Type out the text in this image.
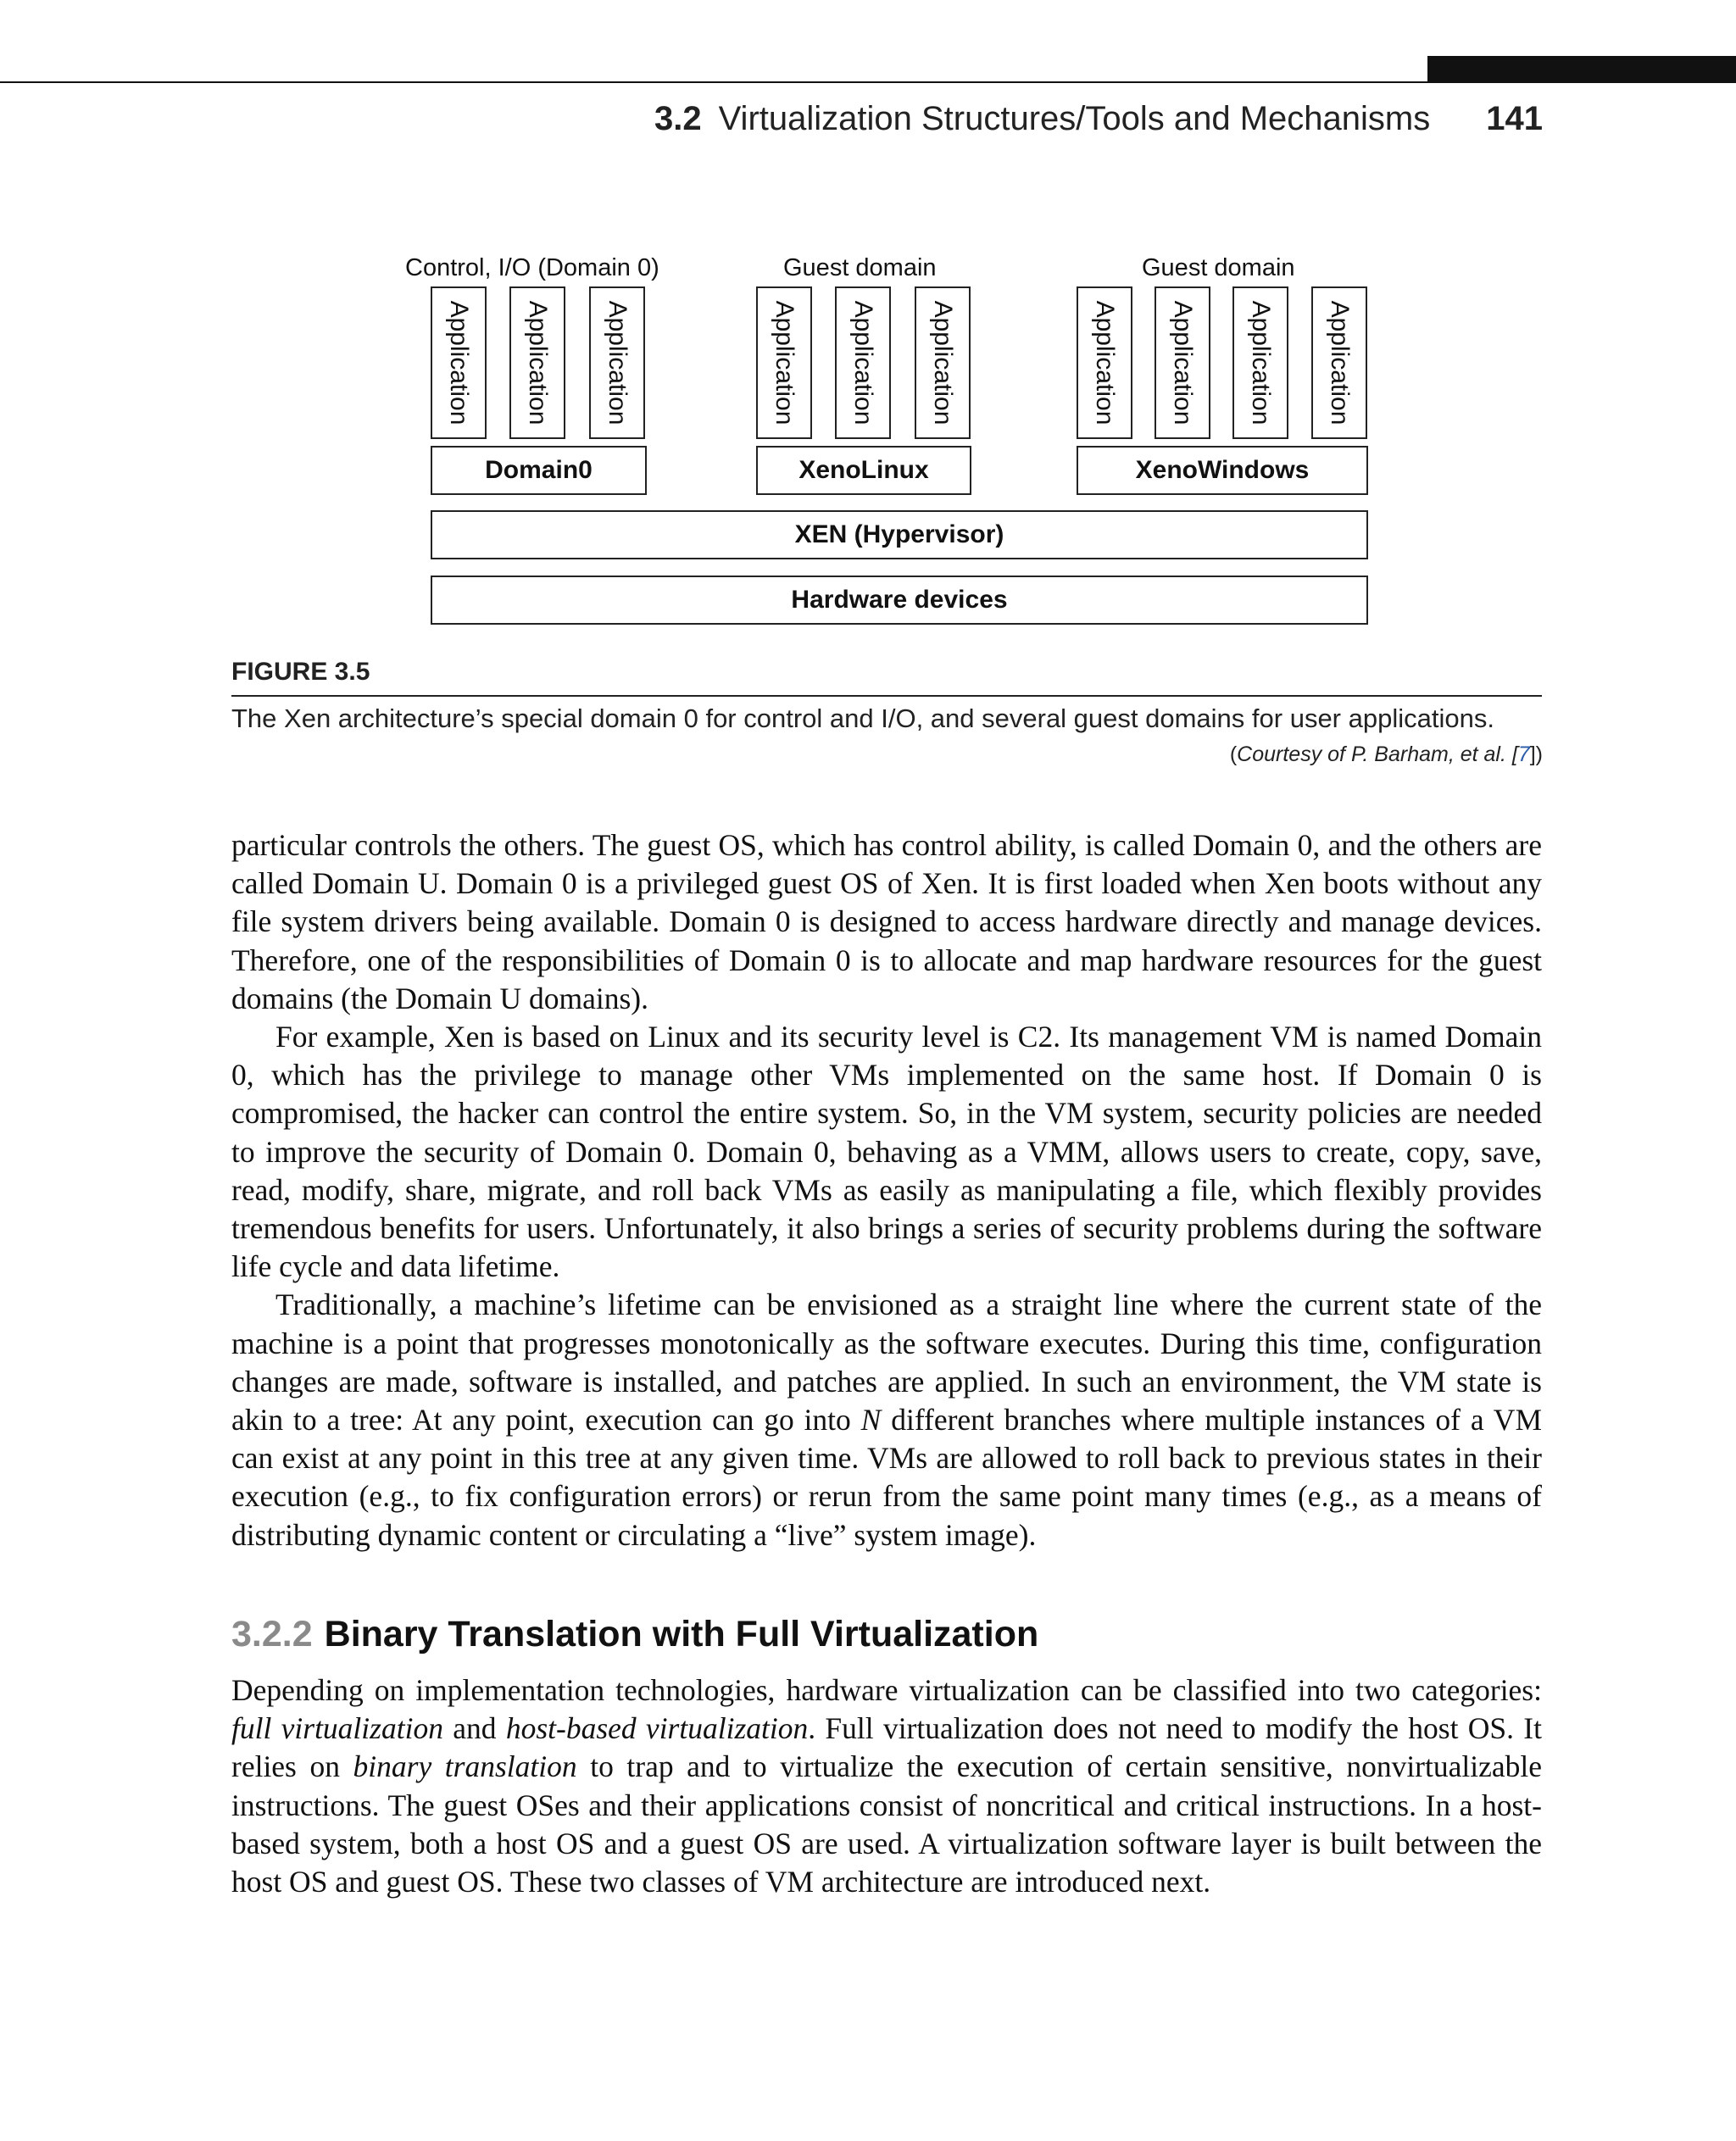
3.2 Virtualization Structures/Tools and Mechanisms 141
Control, I/O (Domain 0)	Guest domain	Guest domain
Application Application Application	Application Application Application	Application Application Application Application
Domain0	XenoLinux	XenoWindows
XEN (Hypervisor)
Hardware devices
FIGURE 3.5
The Xen architecture’s special domain 0 for control and I/O, and several guest domains for user applications.
(Courtesy of P. Barham, et al. [7])

particular controls the others. The guest OS, which has control ability, is called Domain 0, and the others are called Domain U. Domain 0 is a privileged guest OS of Xen. It is first loaded when Xen boots without any file system drivers being available. Domain 0 is designed to access hardware directly and manage devices. Therefore, one of the responsibilities of Domain 0 is to allocate and map hardware resources for the guest domains (the Domain U domains).

For example, Xen is based on Linux and its security level is C2. Its management VM is named Domain 0, which has the privilege to manage other VMs implemented on the same host. If Domain 0 is compromised, the hacker can control the entire system. So, in the VM system, security policies are needed to improve the security of Domain 0. Domain 0, behaving as a VMM, allows users to create, copy, save, read, modify, share, migrate, and roll back VMs as easily as manipulating a file, which flexibly provides tremendous benefits for users. Unfortunately, it also brings a series of security problems during the software life cycle and data lifetime.

Traditionally, a machine’s lifetime can be envisioned as a straight line where the current state of the machine is a point that progresses monotonically as the software executes. During this time, configuration changes are made, software is installed, and patches are applied. In such an environment, the VM state is akin to a tree: At any point, execution can go into N different branches where multiple instances of a VM can exist at any point in this tree at any given time. VMs are allowed to roll back to previous states in their execution (e.g., to fix configuration errors) or rerun from the same point many times (e.g., as a means of distributing dynamic content or circulating a “live” system image).

3.2.2 Binary Translation with Full Virtualization

Depending on implementation technologies, hardware virtualization can be classified into two categories: full virtualization and host-based virtualization. Full virtualization does not need to modify the host OS. It relies on binary translation to trap and to virtualize the execution of certain sensitive, nonvirtualizable instructions. The guest OSes and their applications consist of noncritical and critical instructions. In a host-based system, both a host OS and a guest OS are used. A virtualization software layer is built between the host OS and guest OS. These two classes of VM architecture are introduced next.
